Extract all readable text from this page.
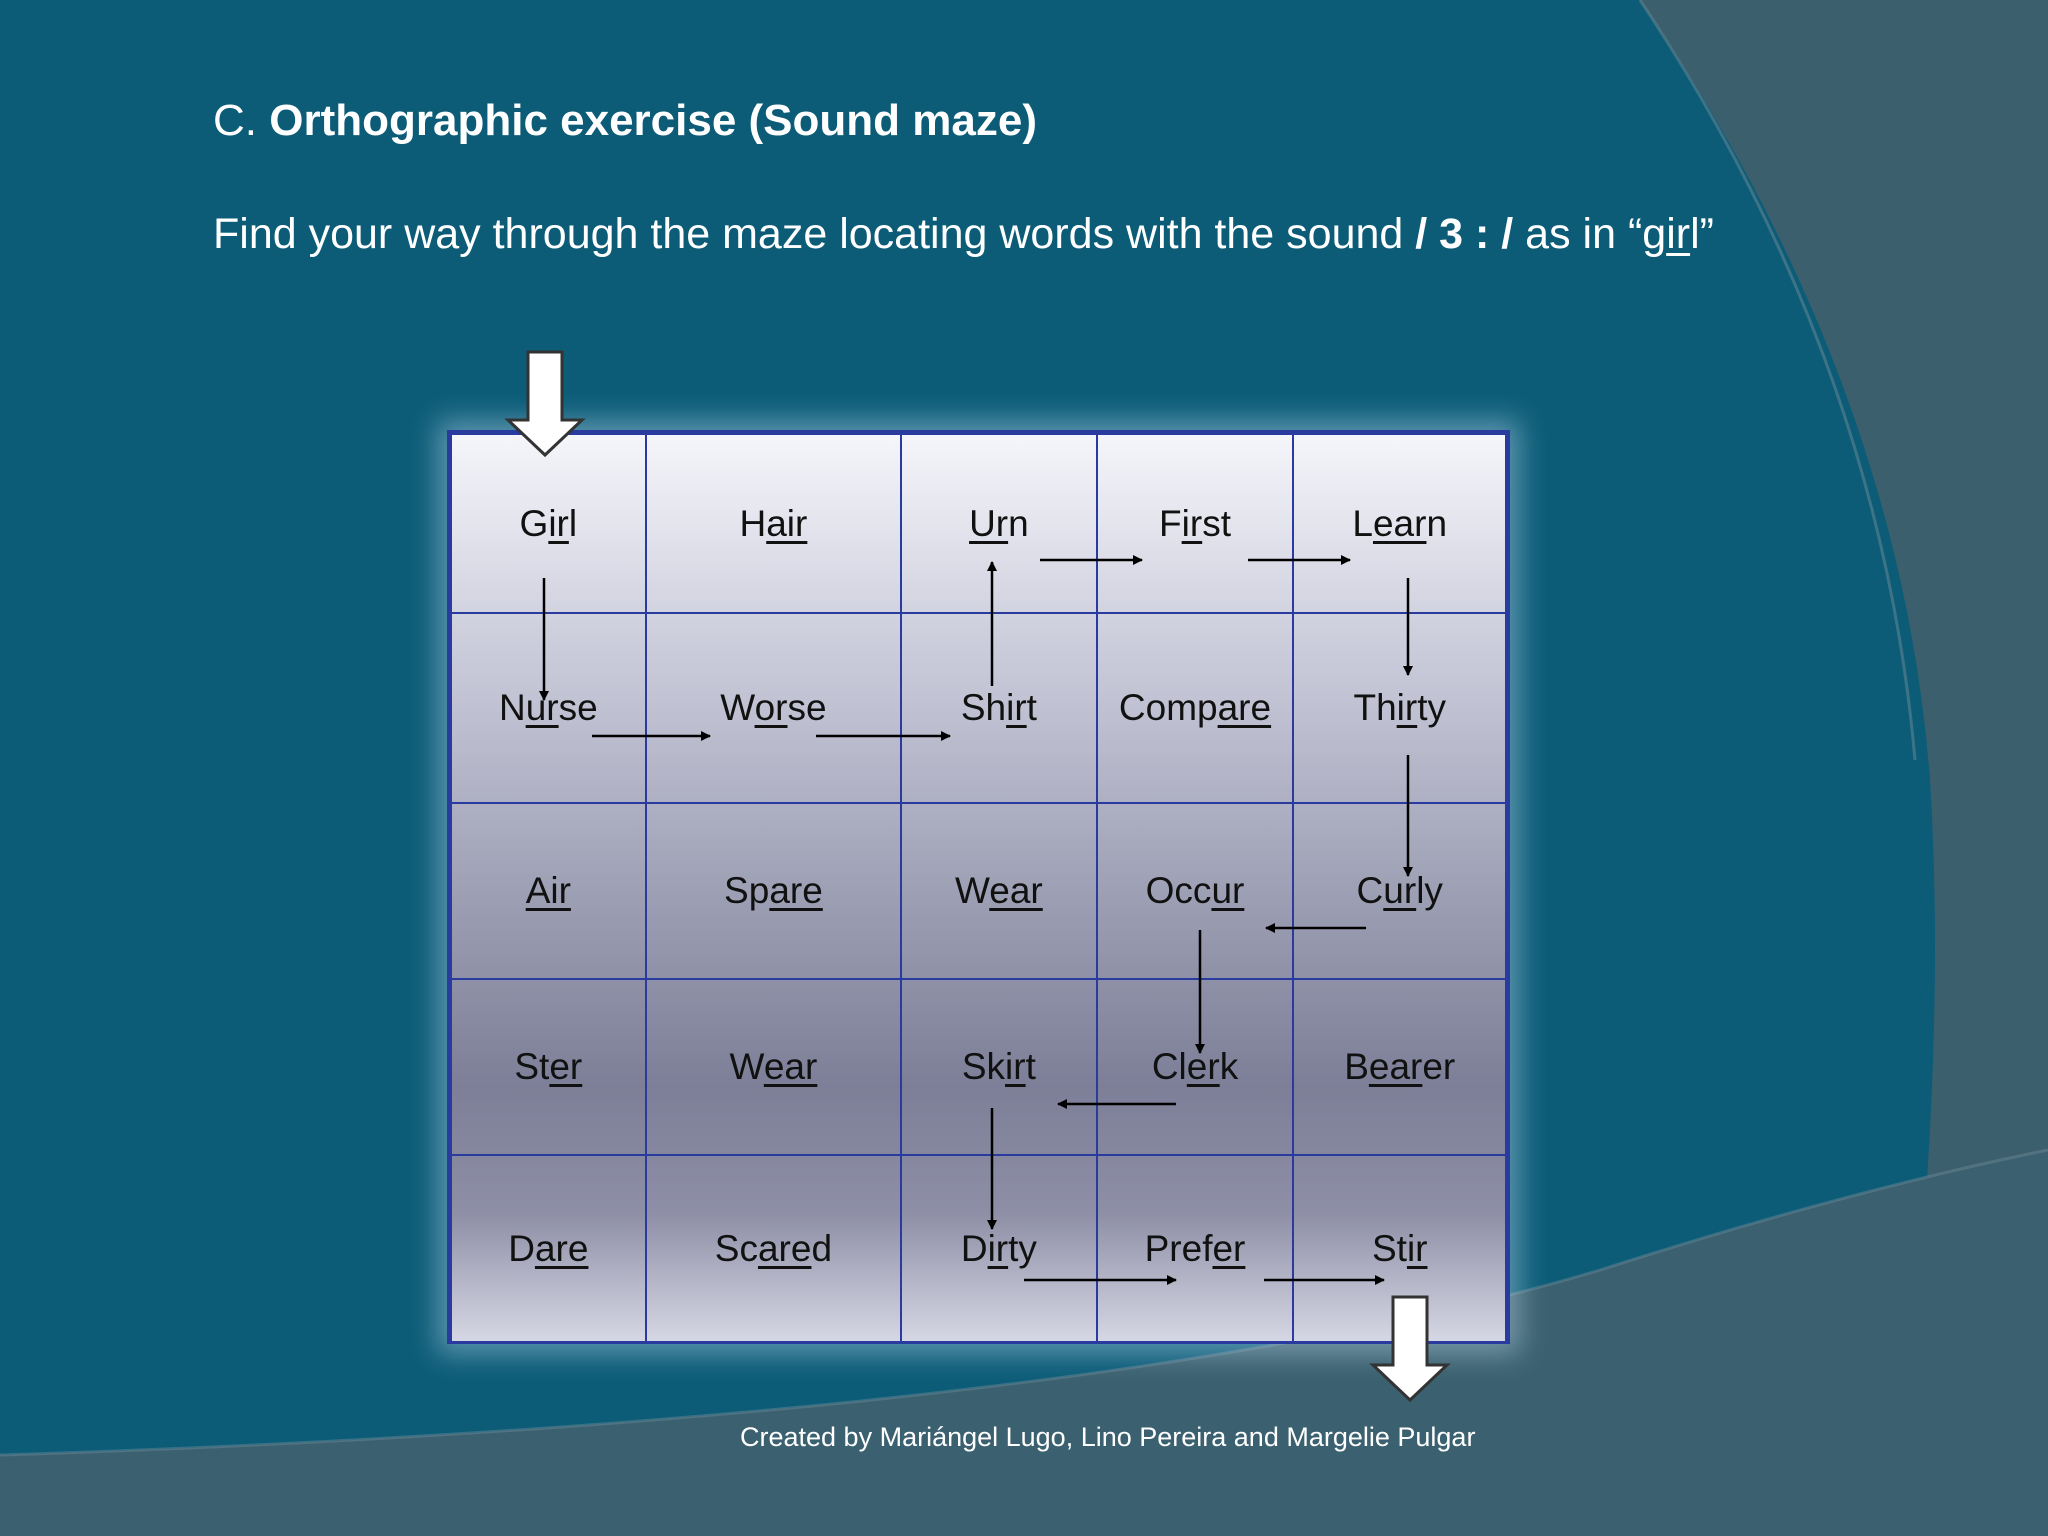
C. Orthographic exercise (Sound maze)
Find your way through the maze locating words with the sound / 3 : / as in “girl”
Girl	Hair	Urn	First	Learn
Nurse	Worse	Shirt	Compare	Thirty
Air	Spare	Wear	Occur	Curly
Ster	Wear	Skirt	Clerk	Bearer
Dare	Scared	Dirty	Prefer	Stir
Created by Mariángel Lugo, Lino Pereira and Margelie Pulgar
